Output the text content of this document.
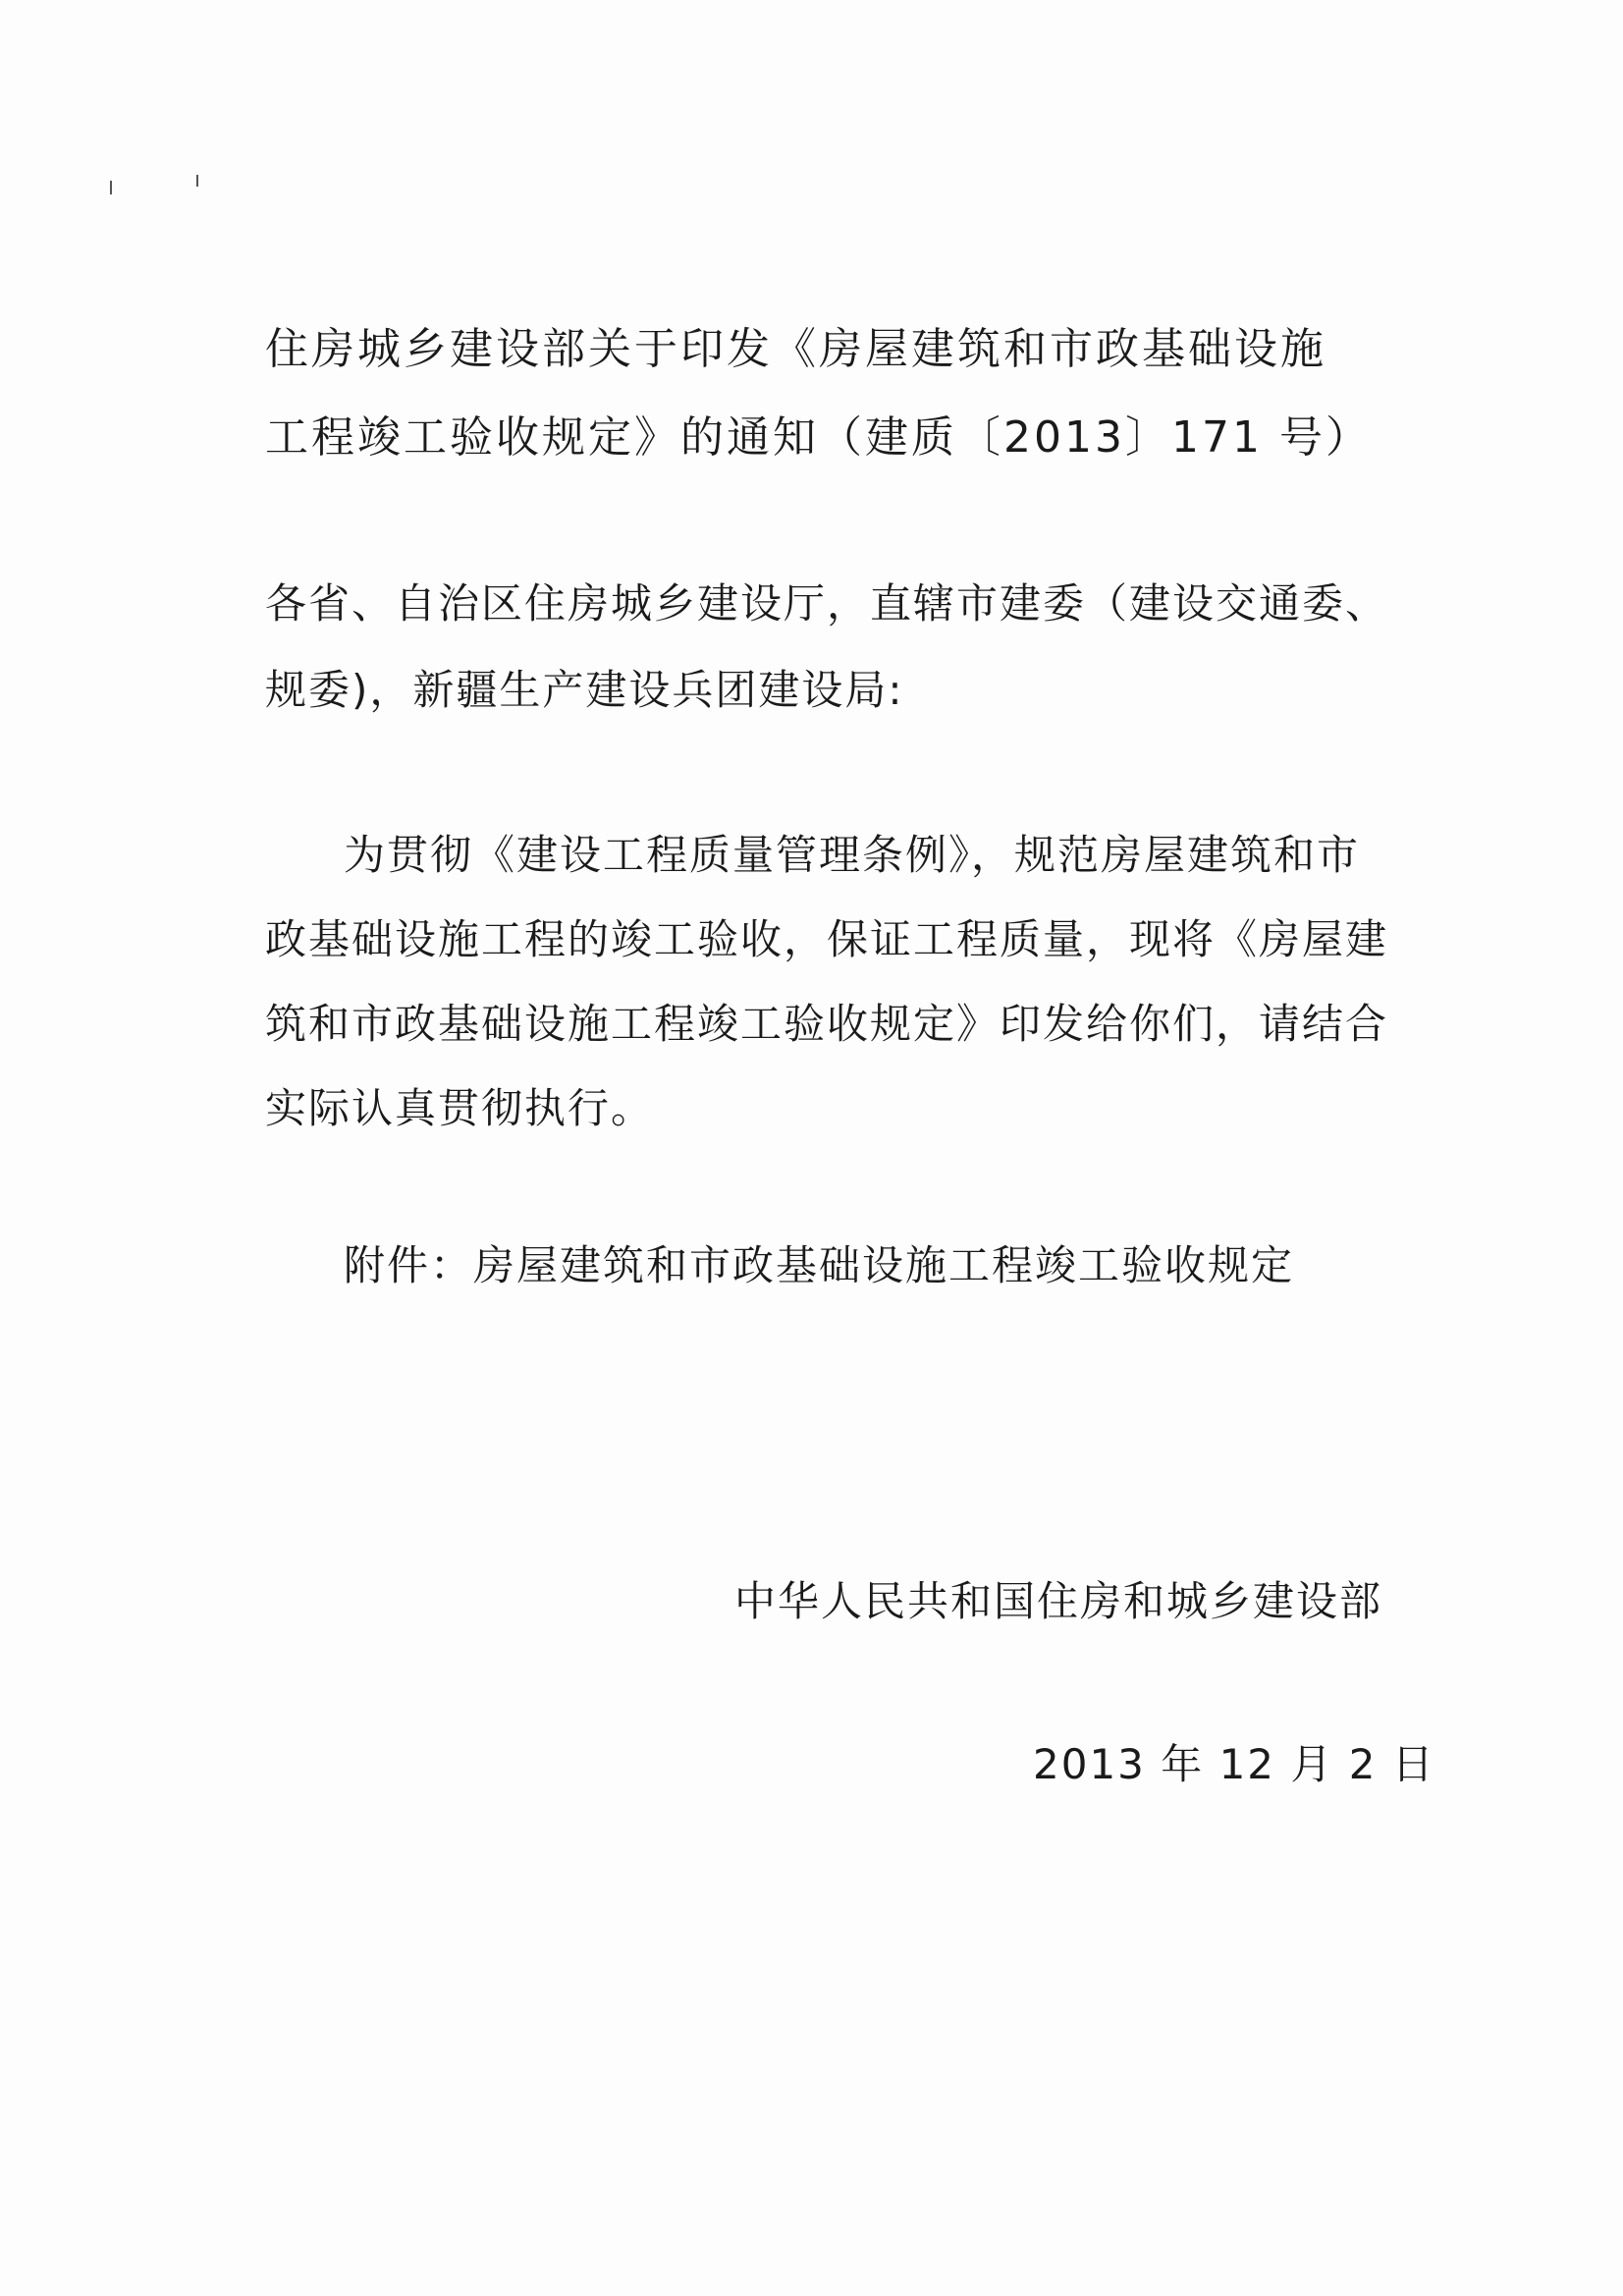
住房城乡建设部关于印发《房屋建筑和市政基础设施
工程竣工验收规定》的通知（建质〔2013〕171 号）
各省、自治区住房城乡建设厅，直辖市建委（建设交通委、
规委)，新疆生产建设兵团建设局:
为贯彻《建设工程质量管理条例》，规范房屋建筑和市
政基础设施工程的竣工验收，保证工程质量，现将《房屋建
筑和市政基础设施工程竣工验收规定》印发给你们，请结合
实际认真贯彻执行。
附件：房屋建筑和市政基础设施工程竣工验收规定
中华人民共和国住房和城乡建设部
2013 年 12 月 2 日
